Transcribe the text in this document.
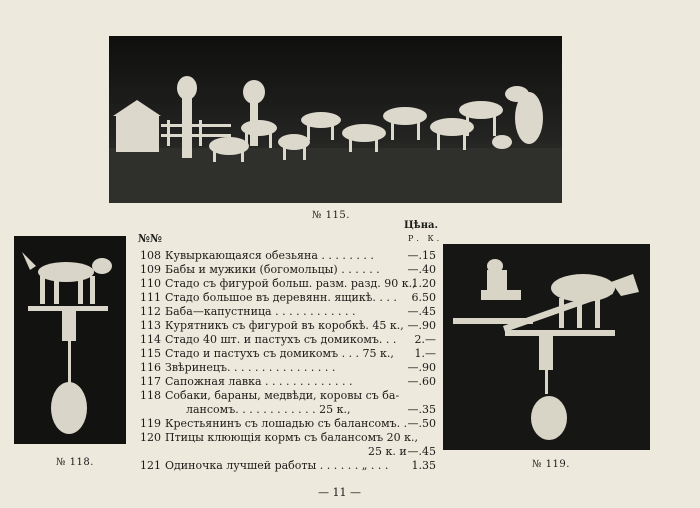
№ 115.
№ 118.	№ 119.
№№
Цѣна.
Р. К.
108 Кувыркающаяся обезьяна . . . . . . . .	—.15
109 Бабы и мужики (богомольцы) . . . . . .	—.40
110 Стадо съ фигурой больш. разм. разд. 90 к.,
1.20
111 Стадо большое въ деревянн. ящикѣ. . . . 6.50
112 Баба—капустница . . . . . . . . . . . .	—.45
113 Курятникъ съ фигурой въ коробкѣ. 45 к., —.90
114 Стадо 40 шт. и пастухъ съ домикомъ. . . 2.—
115 Стадо и пастухъ съ домикомъ . . . 75 к., 1.—
116 Звѣринецъ. . . . . . . . . . . . . . . .	—.90
117 Сапожная лавка . . . . . . . . . . . . .	—.60
118 Собаки, бараны, медвѣди, коровы съ ба-
лансомъ. . . . . . . . . . . . 25 к.,	—.35
119 Крестьянинъ съ лошадью съ балансомъ. . —.50
120 Птицы клюющія кормъ съ балансомъ 20 к.,
25 к. и —.45
121 Одиночка лучшей работы . . . . . . „ . . . 1.35
— 11 —
